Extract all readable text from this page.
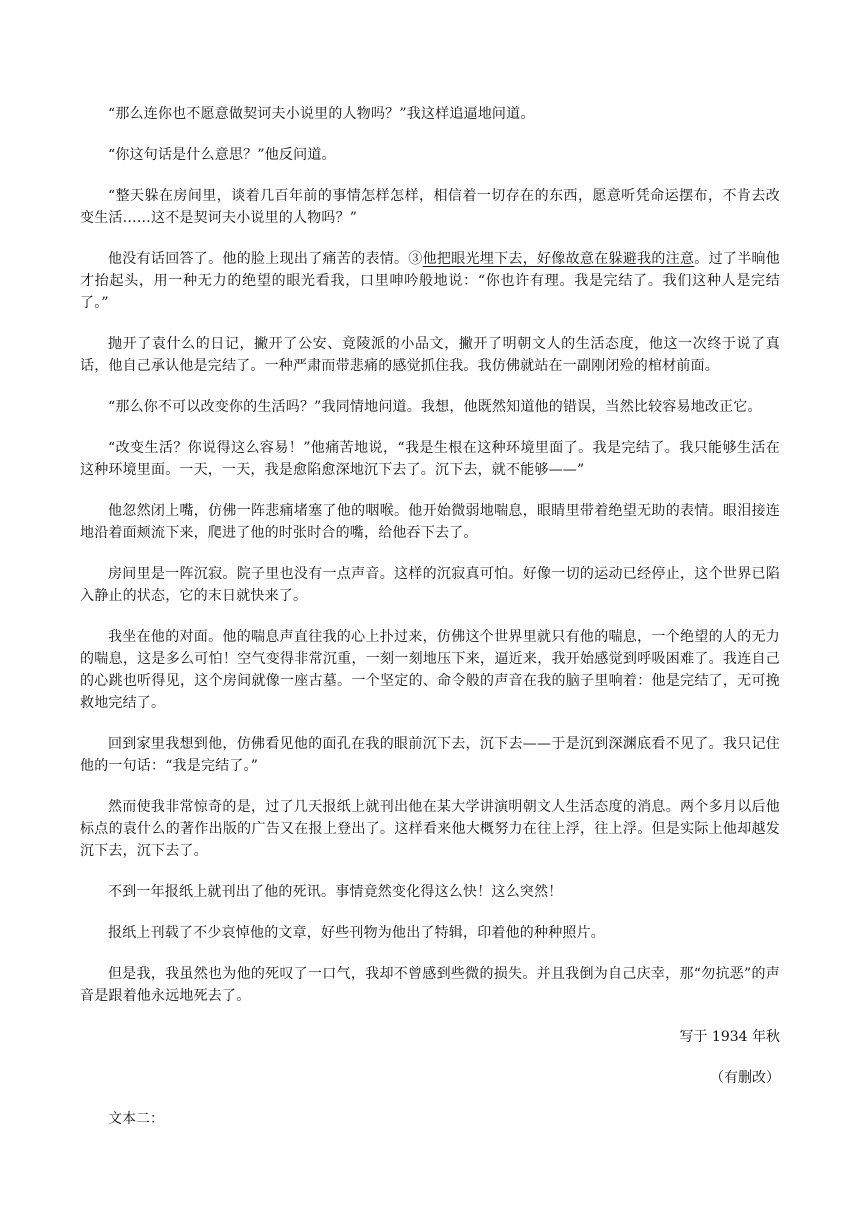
“那么连你也不愿意做契诃夫小说里的人物吗？”我这样追逼地问道。

“你这句话是什么意思？”他反问道。

“整天躲在房间里，谈着几百年前的事情怎样怎样，相信着一切存在的东西，愿意听凭命运摆布，不肯去改变生活……这不是契诃夫小说里的人物吗？”

他没有话回答了。他的脸上现出了痛苦的表情。③他把眼光埋下去，好像故意在躲避我的注意。过了半晌他才抬起头，用一种无力的绝望的眼光看我，口里呻吟般地说：“你也许有理。我是完结了。我们这种人是完结了。”

抛开了袁什么的日记，撇开了公安、竟陵派的小品文，撇开了明朝文人的生活态度，他这一次终于说了真话，他自己承认他是完结了。一种严肃而带悲痛的感觉抓住我。我仿佛就站在一副刚闭殓的棺材前面。

“那么你不可以改变你的生活吗？”我同情地问道。我想，他既然知道他的错误，当然比较容易地改正它。

“改变生活？你说得这么容易！”他痛苦地说，“我是生根在这种环境里面了。我是完结了。我只能够生活在这种环境里面。一天，一天，我是愈陷愈深地沉下去了。沉下去，就不能够——”

他忽然闭上嘴，仿佛一阵悲痛堵塞了他的咽喉。他开始微弱地喘息，眼睛里带着绝望无助的表情。眼泪接连地沿着面颊流下来，爬进了他的时张时合的嘴，给他吞下去了。

房间里是一阵沉寂。院子里也没有一点声音。这样的沉寂真可怕。好像一切的运动已经停止，这个世界已陷入静止的状态，它的末日就快来了。

我坐在他的对面。他的喘息声直往我的心上扑过来，仿佛这个世界里就只有他的喘息，一个绝望的人的无力的喘息，这是多么可怕！空气变得非常沉重，一刻一刻地压下来，逼近来，我开始感觉到呼吸困难了。我连自己的心跳也听得见，这个房间就像一座古墓。一个坚定的、命令般的声音在我的脑子里响着：他是完结了，无可挽救地完结了。

回到家里我想到他，仿佛看见他的面孔在我的眼前沉下去，沉下去——于是沉到深渊底看不见了。我只记住他的一句话：“我是完结了。”

然而使我非常惊奇的是，过了几天报纸上就刊出他在某大学讲演明朝文人生活态度的消息。两个多月以后他标点的袁什么的著作出版的广告又在报上登出了。这样看来他大概努力在往上浮，往上浮。但是实际上他却越发沉下去，沉下去了。

不到一年报纸上就刊出了他的死讯。事情竟然变化得这么快！这么突然！

报纸上刊载了不少哀悼他的文章，好些刊物为他出了特辑，印着他的种种照片。

但是我，我虽然也为他的死叹了一口气，我却不曾感到些微的损失。并且我倒为自己庆幸，那“勿抗恶”的声音是跟着他永远地死去了。

写于 1934 年秋

（有删改）

文本二：
